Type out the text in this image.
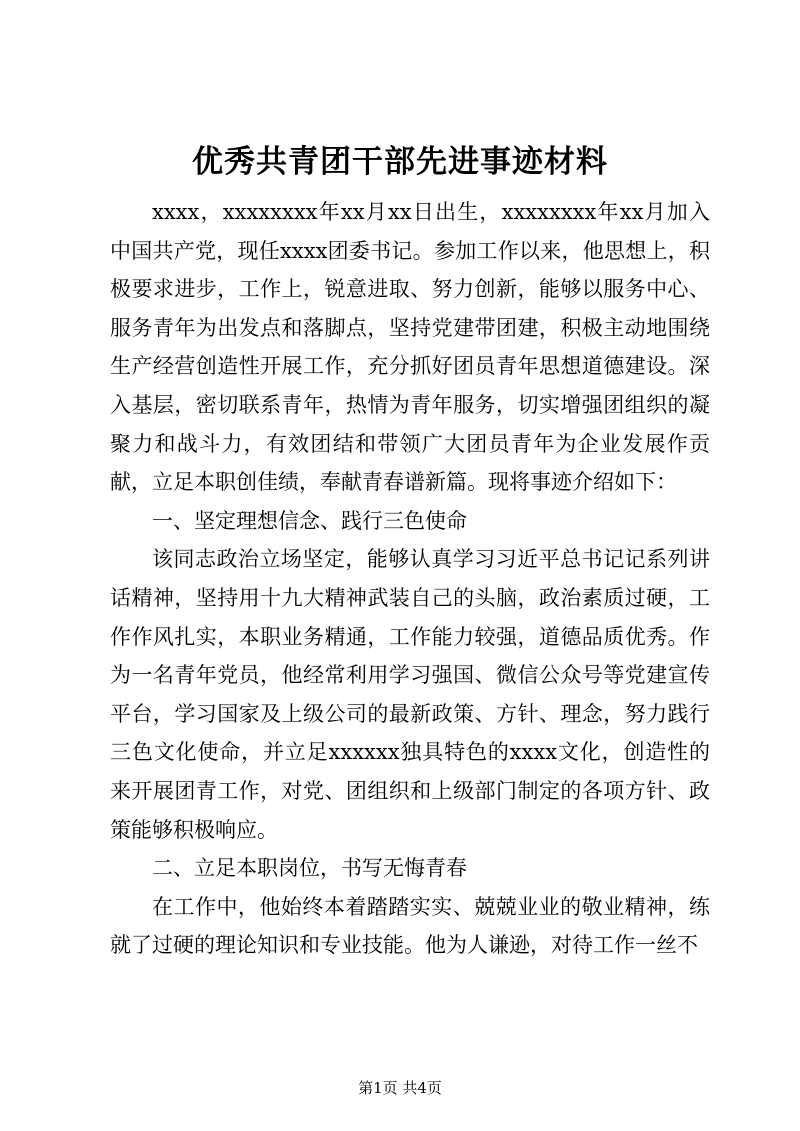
优秀共青团干部先进事迹材料

xxxx，xxxxxxxx年xx月xx日出生，xxxxxxxx年xx月加入中国共产党，现任xxxx团委书记。参加工作以来，他思想上，积极要求进步，工作上，锐意进取、努力创新，能够以服务中心、服务青年为出发点和落脚点，坚持党建带团建，积极主动地围绕生产经营创造性开展工作，充分抓好团员青年思想道德建设。深入基层，密切联系青年，热情为青年服务，切实增强团组织的凝聚力和战斗力，有效团结和带领广大团员青年为企业发展作贡献，立足本职创佳绩，奉献青春谱新篇。现将事迹介绍如下：

一、坚定理想信念、践行三色使命

该同志政治立场坚定，能够认真学习习近平总书记记系列讲话精神，坚持用十九大精神武装自己的头脑，政治素质过硬，工作作风扎实，本职业务精通，工作能力较强，道德品质优秀。作为一名青年党员，他经常利用学习强国、微信公众号等党建宣传平台，学习国家及上级公司的最新政策、方针、理念，努力践行三色文化使命，并立足xxxxxx独具特色的xxxx文化，创造性的来开展团青工作，对党、团组织和上级部门制定的各项方针、政策能够积极响应。

二、立足本职岗位，书写无悔青春

在工作中，他始终本着踏踏实实、兢兢业业的敬业精神，练就了过硬的理论知识和专业技能。他为人谦逊，对待工作一丝不

第1页 共4页
